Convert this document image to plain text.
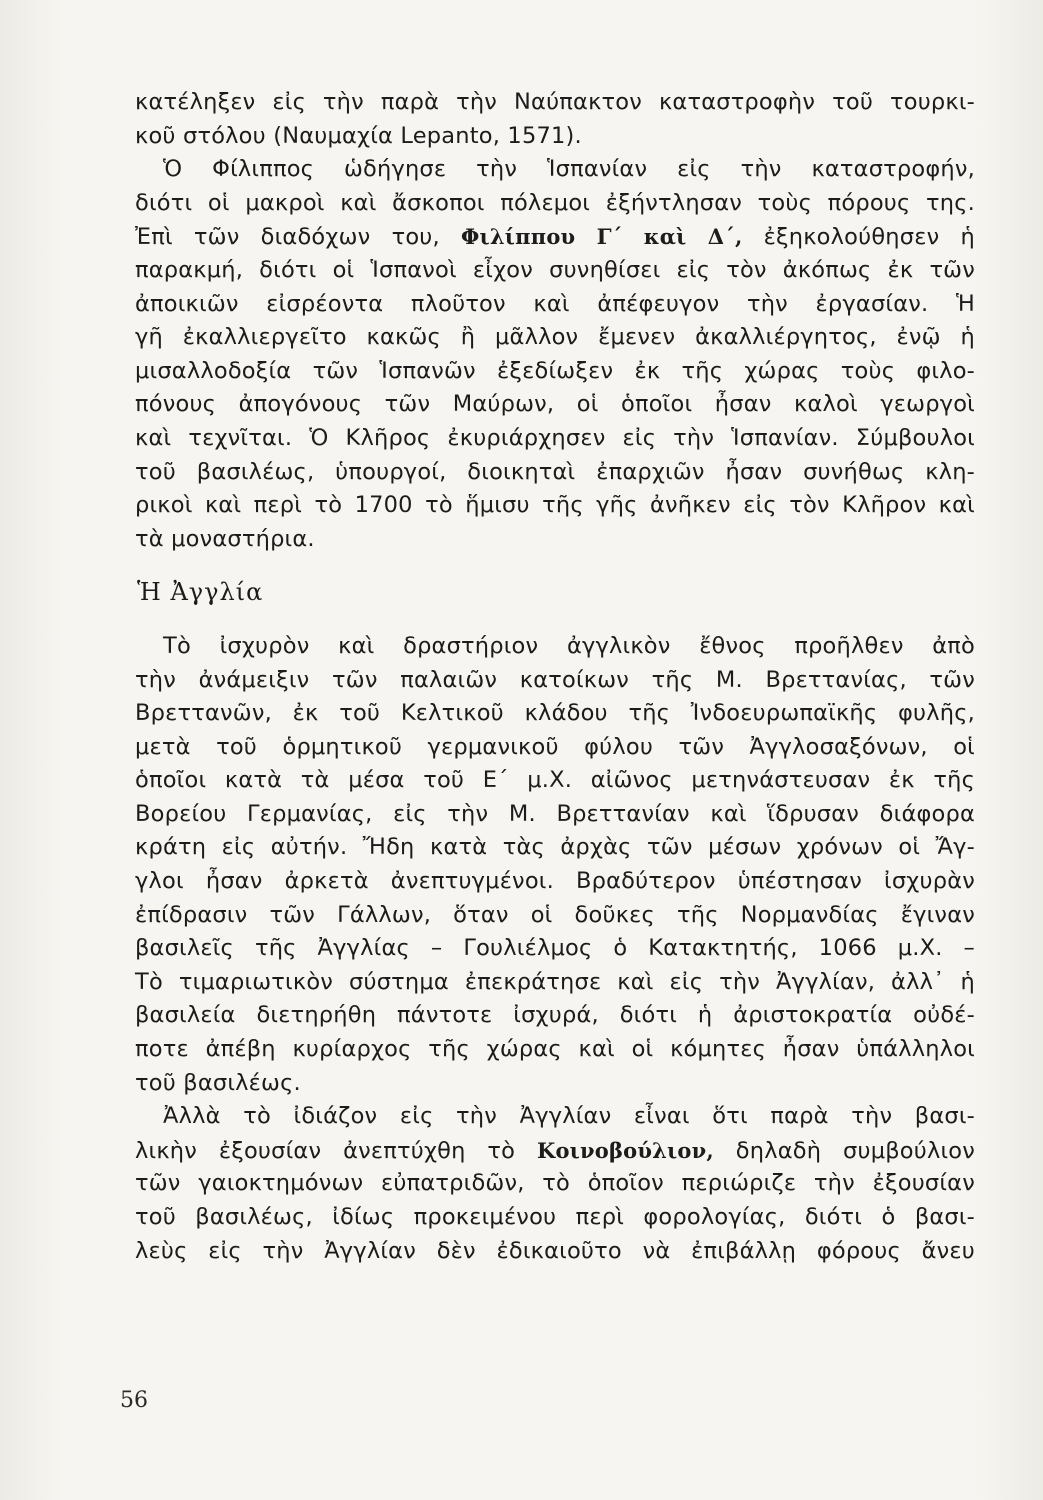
κατέληξεν εἰς τὴν παρὰ τὴν Ναύπακτον καταστροφὴν τοῦ τουρκι-
κοῦ στόλου (Ναυμαχία Lepanto, 1571).
Ὁ Φίλιππος ὡδήγησε τὴν Ἱσπανίαν εἰς τὴν καταστροφήν,
διότι οἱ μακροὶ καὶ ἄσκοποι πόλεμοι ἐξήντλησαν τοὺς πόρους της.
Ἐπὶ τῶν διαδόχων του, Φιλίππου Γ΄ καὶ Δ΄, ἐξηκολούθησεν ἡ
παρακμή, διότι οἱ Ἱσπανοὶ εἶχον συνηθίσει εἰς τὸν ἀκόπως ἐκ τῶν
ἀποικιῶν εἰσρέοντα πλοῦτον καὶ ἀπέφευγον τὴν ἐργασίαν. Ἡ
γῆ ἐκαλλιεργεῖτο κακῶς ἢ μᾶλλον ἔμενεν ἀκαλλιέργητος, ἐνῷ ἡ
μισαλλοδοξία τῶν Ἱσπανῶν ἐξεδίωξεν ἐκ τῆς χώρας τοὺς φιλο-
πόνους ἀπογόνους τῶν Μαύρων, οἱ ὁποῖοι ἦσαν καλοὶ γεωργοὶ
καὶ τεχνῖται. Ὁ Κλῆρος ἐκυριάρχησεν εἰς τὴν Ἱσπανίαν. Σύμβουλοι
τοῦ βασιλέως, ὑπουργοί, διοικηταὶ ἐπαρχιῶν ἦσαν συνήθως κλη-
ρικοὶ καὶ περὶ τὸ 1700 τὸ ἥμισυ τῆς γῆς ἀνῆκεν εἰς τὸν Κλῆρον καὶ
τὰ μοναστήρια.
Ἡ Ἀγγλία
Τὸ ἰσχυρὸν καὶ δραστήριον ἀγγλικὸν ἔθνος προῆλθεν ἀπὸ
τὴν ἀνάμειξιν τῶν παλαιῶν κατοίκων τῆς Μ. Βρεττανίας, τῶν
Βρεττανῶν, ἐκ τοῦ Κελτικοῦ κλάδου τῆς Ἰνδοευρωπαϊκῆς φυλῆς,
μετὰ τοῦ ὁρμητικοῦ γερμανικοῦ φύλου τῶν Ἀγγλοσαξόνων, οἱ
ὁποῖοι κατὰ τὰ μέσα τοῦ Ε΄ μ.Χ. αἰῶνος μετηνάστευσαν ἐκ τῆς
Βορείου Γερμανίας, εἰς τὴν Μ. Βρεττανίαν καὶ ἵδρυσαν διάφορα
κράτη εἰς αὐτήν. Ἤδη κατὰ τὰς ἀρχὰς τῶν μέσων χρόνων οἱ Ἄγ-
γλοι ἦσαν ἀρκετὰ ἀνεπτυγμένοι. Βραδύτερον ὑπέστησαν ἰσχυρὰν
ἐπίδρασιν τῶν Γάλλων, ὅταν οἱ δοῦκες τῆς Νορμανδίας ἔγιναν
βασιλεῖς τῆς Ἀγγλίας – Γουλιέλμος ὁ Κατακτητής, 1066 μ.Χ. –
Τὸ τιμαριωτικὸν σύστημα ἐπεκράτησε καὶ εἰς τὴν Ἀγγλίαν, ἀλλ᾽ ἡ
βασιλεία διετηρήθη πάντοτε ἰσχυρά, διότι ἡ ἀριστοκρατία οὐδέ-
ποτε ἀπέβη κυρίαρχος τῆς χώρας καὶ οἱ κόμητες ἦσαν ὑπάλληλοι
τοῦ βασιλέως.
Ἀλλὰ τὸ ἰδιάζον εἰς τὴν Ἀγγλίαν εἶναι ὅτι παρὰ τὴν βασι-
λικὴν ἐξουσίαν ἀνεπτύχθη τὸ Κοινοβούλιον, δηλαδὴ συμβούλιον
τῶν γαιοκτημόνων εὐπατριδῶν, τὸ ὁποῖον περιώριζε τὴν ἐξουσίαν
τοῦ βασιλέως, ἰδίως προκειμένου περὶ φορολογίας, διότι ὁ βασι-
λεὺς εἰς τὴν Ἀγγλίαν δὲν ἐδικαιοῦτο νὰ ἐπιβάλλῃ φόρους ἄνευ
56
